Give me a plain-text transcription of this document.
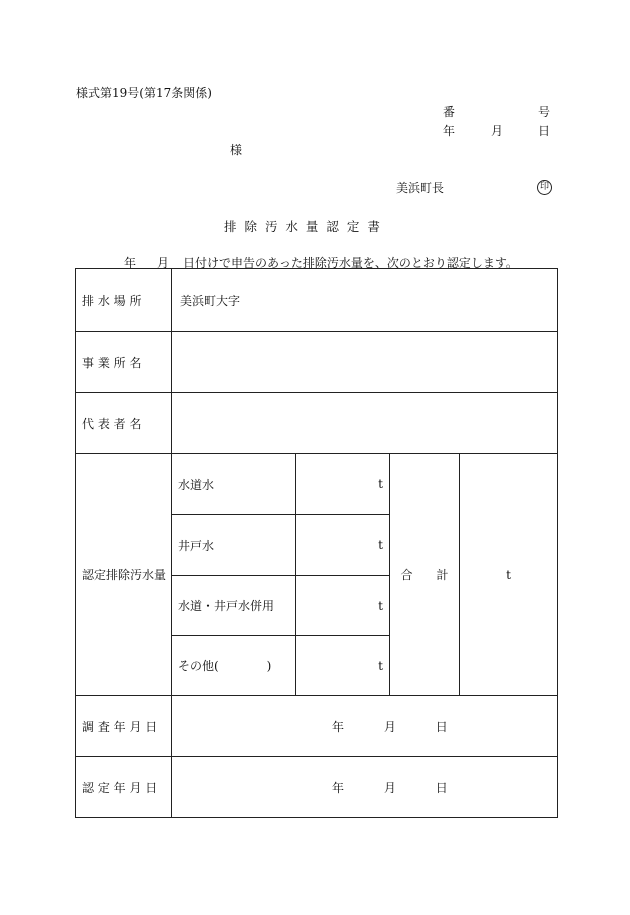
様式第19号(第17条関係)
番	号
年	月	日
様
美浜町長	印
排 除 汚 水 量 認 定 書
年 月 日付けで申告のあった排除汚水量を、次のとおり認定します。
排 水 場 所	美浜町大字			
事 業 所 名				
代 表 者 名				
認定排除汚水量	水道水	t	合　　計	t
	井戸水	t		
	水道・井戸水併用	t		
	その他(　　　　)	t		
調 査 年 月 日	年 月 日			
認 定 年 月 日	年 月 日			
